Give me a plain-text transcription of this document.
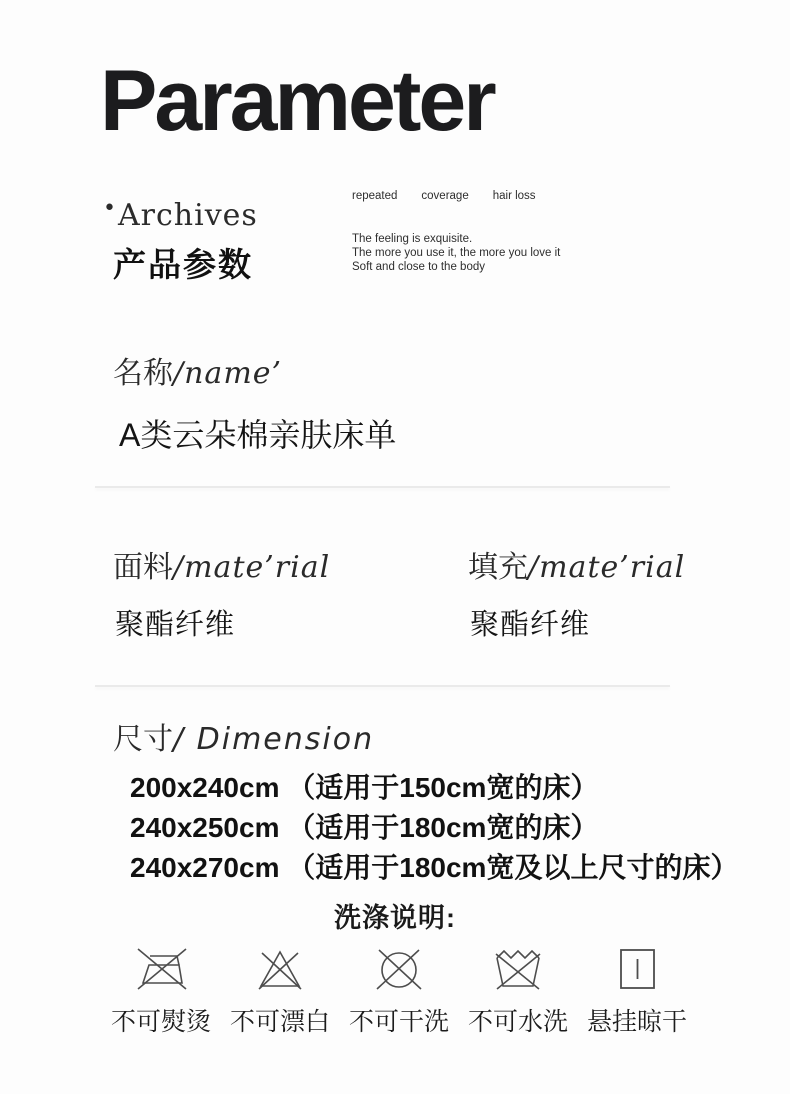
Parameter
•Archives
产品参数
repeated coverage hair loss
The feeling is exquisite.
The more you use it, the more you love it
Soft and close to the body
名称/name’
A类云朵棉亲肤床单
面料/mate’rial
聚酯纤维
填充/mate’rial
聚酯纤维
尺寸/ Dimension
200x240cm （适用于150cm宽的床）
240x250cm （适用于180cm宽的床）
240x270cm （适用于180cm宽及以上尺寸的床）
洗涤说明:
不可熨烫 不可漂白 不可干洗 不可水洗 悬挂晾干
